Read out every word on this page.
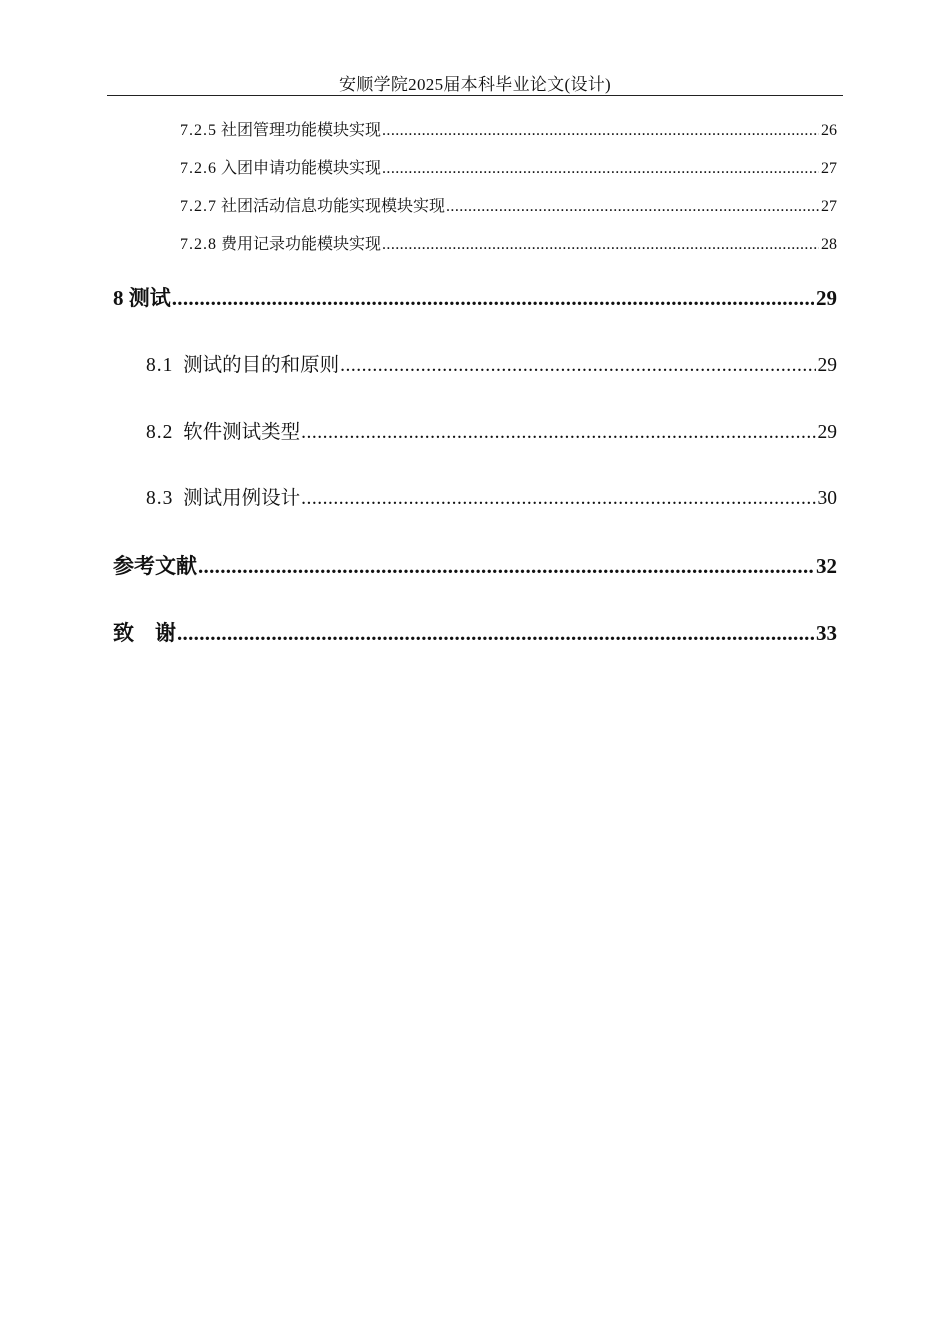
安顺学院2025届本科毕业论文(设计)
7.2.5 社团管理功能模块实现 .....	26
7.2.6 入团申请功能模块实现 .....	27
7.2.7 社团活动信息功能实现模块实现 .....	27
7.2.8 费用记录功能模块实现 .....	28
8 测试 .....	29
8.1 测试的目的和原则 .....	29
8.2 软件测试类型 .....	29
8.3 测试用例设计 .....	30
参考文献 .....	32
致　谢 .....	33
